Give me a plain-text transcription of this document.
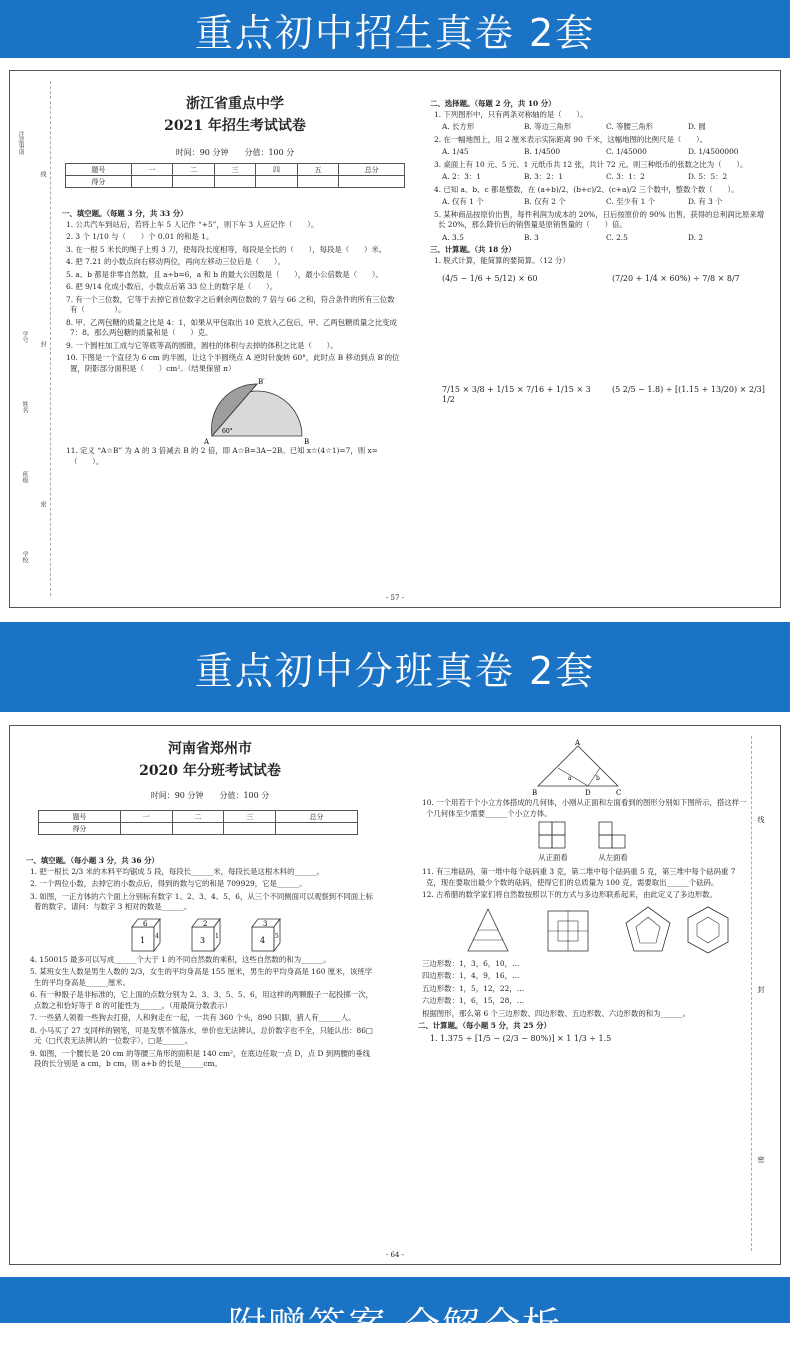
重点初中招生真卷 2套
注意事项
学号
姓名
班级
学校
封
密
线
浙江省重点中学
2021 年招生考试试卷
时间：90 分钟　　分值：100 分
题号	一	二	三	四	五	总分
得分						
一、填空题。（每题 3 分，共 33 分）
1. 公共汽车到站后，若将上车 5 人记作 “+5”，则下车 3 人应记作（　　）。
2. 3 个 1/10 与（　　）个 0.01 的和是 1。
3. 在一根 5 米长的绳子上剪 3 刀，使每段长度相等，每段是全长的（　　），每段是（　　）米。
4. 把 7.21 的小数点向右移动两位，再向左移动三位后是（　　）。
5. a、b 都是非零自然数，且 a÷b=6，a 和 b 的最大公因数是（　　），最小公倍数是（　　）。
6. 把 9/14 化成小数后，小数点后第 33 位上的数字是（　　）。
7. 有一个三位数，它等于去掉它首位数字之后剩余两位数的 7 倍与 66 之和，符合条件的所有三位数有（　　　　）。
8. 甲、乙两包糖的质量之比是 4：1，如果从甲包取出 10 克放入乙包后，甲、乙两包糖质量之比变成 7：8。那么两包糖的质量和是（　　）克。
9. 一个圆柱加工成与它等底等高的圆锥，圆柱的体积与去掉的体积之比是（　　）。
10. 下图是一个直径为 6 cm 的半圆，让这个半圆绕点 A 逆时针旋转 60°，此时点 B 移动到点 B′的位置，阴影部分面积是（　　）cm²。（结果保留 π）
B′
A	B
60°
11. 定义 “A☆B” 为 A 的 3 倍减去 B 的 2 倍，即 A☆B=3A−2B。已知 x☆(4☆1)=7，则 x=（　　）。
二、选择题。（每题 2 分，共 10 分）
1. 下列图形中，只有两条对称轴的是（　　）。
A. 长方形	B. 等边三角形	C. 等腰三角形	D. 圆
2. 在一幅地图上，用 2 厘米表示实际距离 90 千米，这幅地图的比例尺是（　　）。
A. 1/45	B. 1/4500	C. 1/45000	D. 1/4500000
3. 桌面上有 10 元、5 元、1 元纸币共 12 张，共计 72 元。则三种纸币的张数之比为（　　）。
A. 2：3：1	B. 3：2：1	C. 3：1：2	D. 5：5：2
4. 已知 a、b、c 都是整数，在 (a+b)/2、(b+c)/2、(c+a)/2 三个数中，整数个数（　　）。
A. 仅有 1 个	B. 仅有 2 个	C. 至少有 1 个	D. 有 3 个
5. 某种商品按原价出售，每件利润为成本的 20%，日后按原价的 90% 出售，获得的总利润比原来增长 20%，那么降价后的销售量是原销售量的（　　）倍。
A. 3.5	B. 3	C. 2.5	D. 2
三、计算题。（共 18 分）
1. 脱式计算，能简算的要简算。（12 分）
(4/5 − 1/6 + 5/12) × 60	(7/20 + 1/4 × 60%) ÷ 7/8 × 8/7
7/15 × 3/8 + 1/15 × 7/16 + 1/15 × 3 1/2
(5 2/5 − 1.8) ÷ [(1.15 + 13/20) × 2/3]
- 57 -
重点初中分班真卷 2套
线
封
密
河南省郑州市
2020 年分班考试试卷
时间：90 分钟　　分值：100 分
题号	一	二	三	总分
得分				
一、填空题。（每小题 3 分，共 36 分）
1. 把一根长 2/3 米的木料平均锯成 5 段，每段长______米，每段长是这根木料的______。
2. 一个两位小数，去掉它的小数点后，得到的数与它的和是 709929，它是______。
3. 如图，一正方体的六个面上分别标有数字 1、2、3、4、5、6，从三个不同侧面可以观察到不同面上标着的数字。请问：与数字 3 相对的数是______。
6
1 4
2
3 1
3
4 5
4. 150015 最多可以写成______个大于 1 的不同自然数的乘积，这些自然数的和为______。
5. 某班女生人数是男生人数的 2/3，女生的平均身高是 155 厘米，男生的平均身高是 160 厘米，该班学生的平均身高是______厘米。
6. 有一种骰子是非标准的，它上面的点数分别为 2、3、3、5、5、6，用这样的两颗骰子一起投掷一次，点数之和恰好等于 8 的可能性为______。（用最简分数表示）
7. 一些猎人领着一些狗去打猎，人和狗走在一起，一共有 360 个头，890 只脚，猎人有______人。
8. 小马买了 27 支同样的钢笔，可是发票不慎落水，单价也无法辨认，总价数字也不全，只能认出：86□元（□代表无法辨认的一位数字），□是______。
9. 如图，一个腰长是 20 cm 的等腰三角形的面积是 140 cm²，在底边任取一点 D，点 D 到两腰的垂线段的长分别是 a cm，b cm，则 a+b 的长是______cm。
A
B	D	C
a	b
10. 一个用若干个小立方体搭成的几何体，小刚从正面和左面看到的图形分别如下图所示，搭这样一个几何体至少需要______个小立方体。
从正面看	从左面看
11. 有三堆砝码，第一堆中每个砝码重 3 克，第二堆中每个砝码重 5 克，第三堆中每个砝码重 7 克，现在要取出最少个数的砝码，使得它们的总质量为 100 克，需要取出______个砝码。
12. 古希腊的数学家们将自然数按照以下的方式与多边形联系起来，由此定义了多边形数。
三边形数：1，3，6，10，…
四边形数：1，4，9，16，…
五边形数：1，5，12，22，…
六边形数：1，6，15，28，…
根据图形，那么第 6 个三边形数、四边形数、五边形数、六边形数的和为______。
二、计算题。（每小题 5 分，共 25 分）
1. 1.375 ÷ [1/5 − (2/3 − 80%)] × 1 1/3 ÷ 1.5
- 64 -
附赠答案 全解全析
